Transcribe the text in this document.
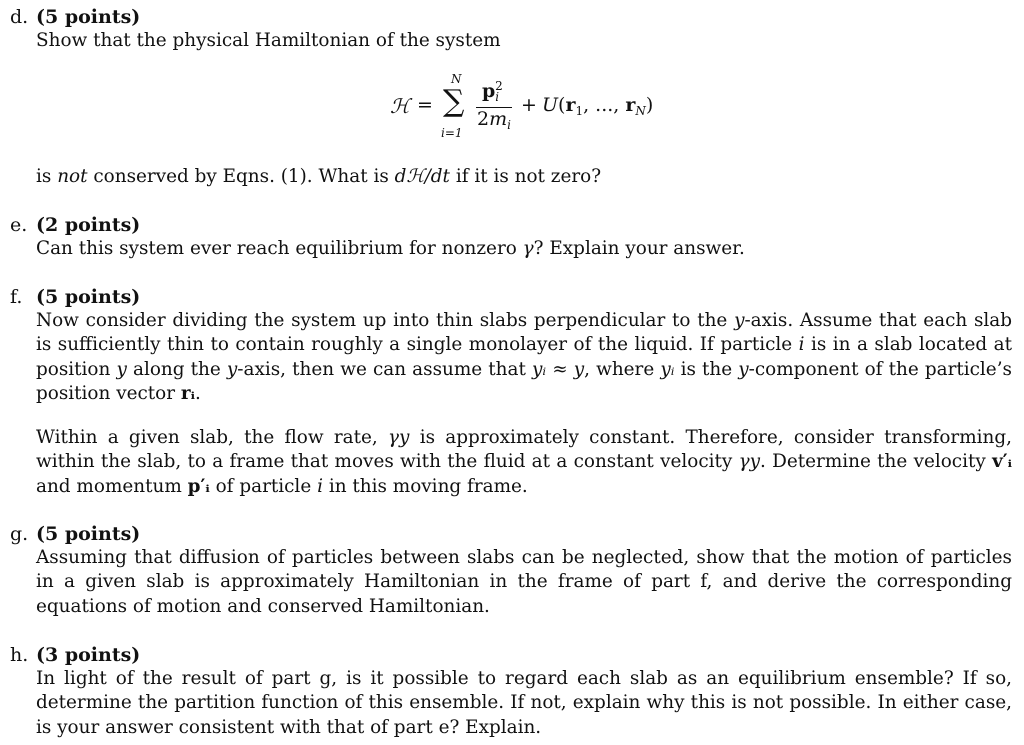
d. (5 points)
Show that the physical Hamiltonian of the system
ℋ =
N
∑
i=1
$p_i^2$
$2m_i$
+ $U(r_1$, ..., $r_N$)
is not conserved by Eqns. (1). What is dℋ/dt if it is not zero?
e. (2 points)
Can this system ever reach equilibrium for nonzero γ? Explain your answer.
f. (5 points)
Now consider dividing the system up into thin slabs perpendicular to the y-axis. Assume that each slab is sufficiently thin to contain roughly a single monolayer of the liquid. If particle i is in a slab located at position y along the y-axis, then we can assume that yᵢ ≈ y, where yᵢ is the y-component of the particle’s position vector rᵢ.
Within a given slab, the flow rate, γy is approximately constant. Therefore, consider transforming, within the slab, to a frame that moves with the fluid at a constant velocity γy. Determine the velocity v′ᵢ and momentum p′ᵢ of particle i in this moving frame.
g. (5 points)
Assuming that diffusion of particles between slabs can be neglected, show that the motion of particles in a given slab is approximately Hamiltonian in the frame of part f, and derive the corresponding equations of motion and conserved Hamiltonian.
h. (3 points)
In light of the result of part g, is it possible to regard each slab as an equilibrium ensemble? If so, determine the partition function of this ensemble. If not, explain why this is not possible. In either case, is your answer consistent with that of part e? Explain.
